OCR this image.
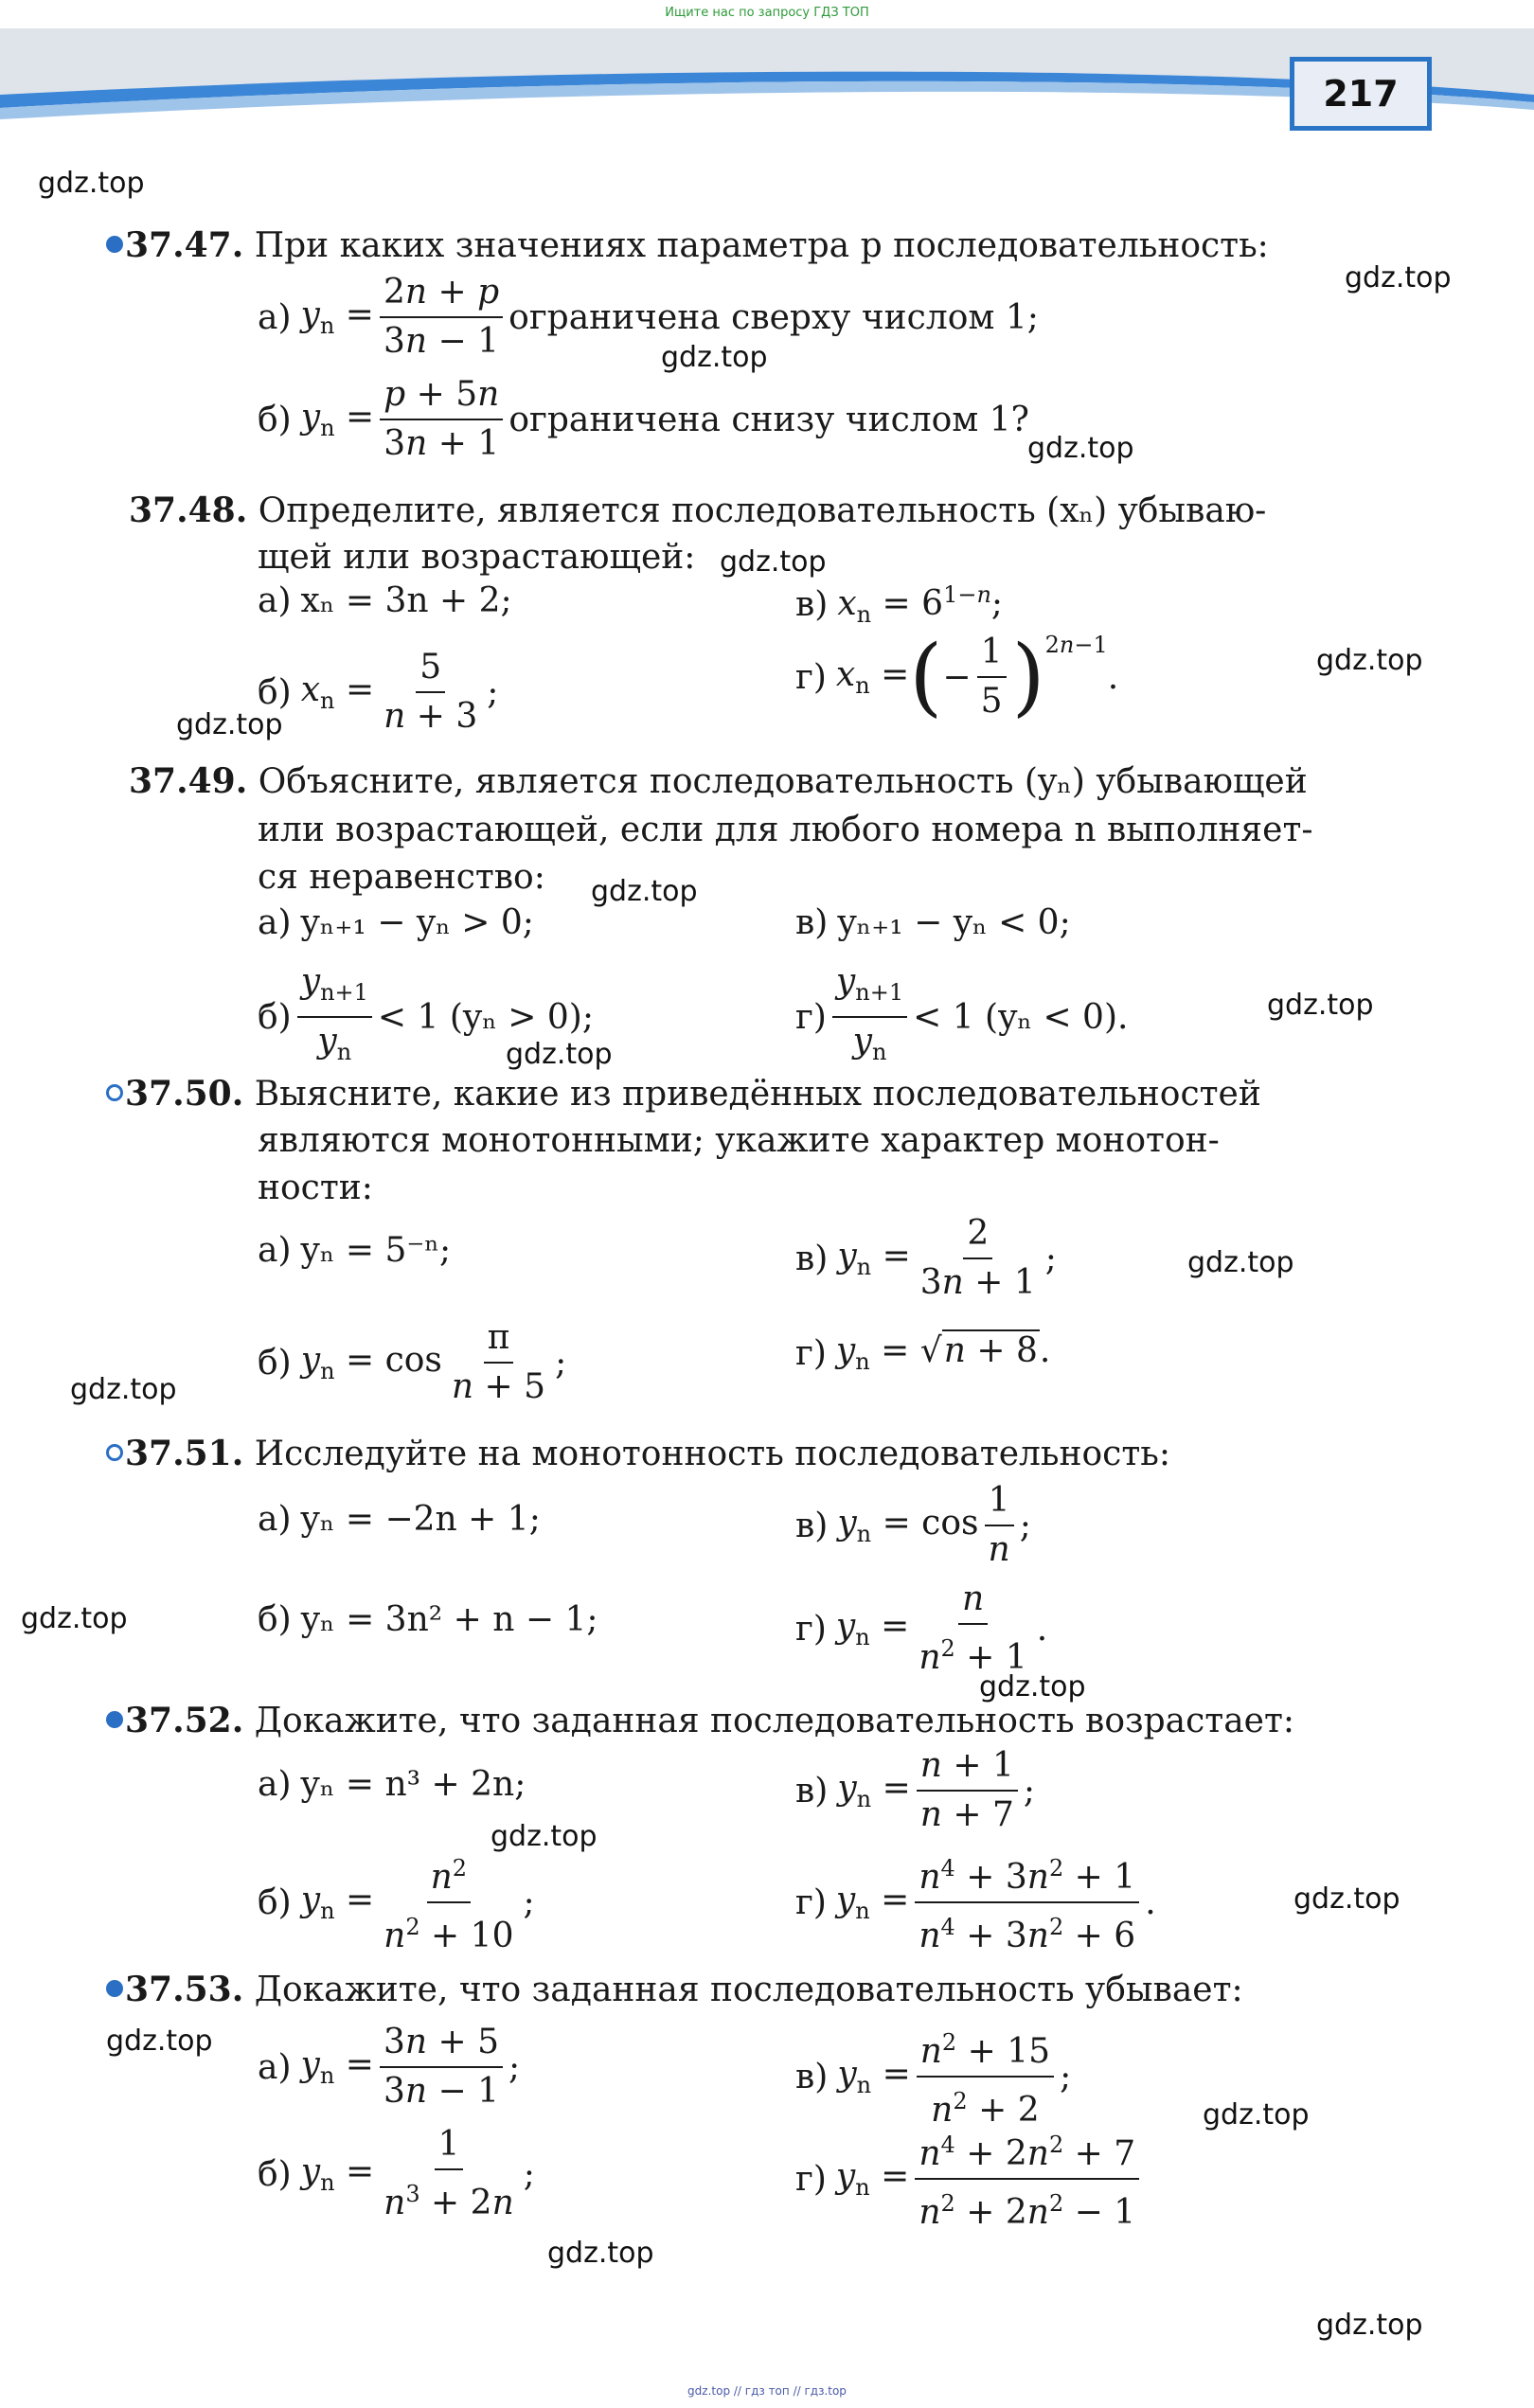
Ищите нас по запросу ГДЗ ТОП
gdz.top // гдз топ // гдз.top
217
gdz.top
gdz.top
gdz.top
gdz.top
gdz.top
gdz.top
gdz.top
gdz.top
gdz.top
gdz.top
gdz.top
gdz.top
gdz.top
gdz.top
gdz.top
gdz.top
gdz.top
gdz.top
gdz.top
gdz.top
37.47. При каких значениях параметра p последовательность:
а) $y_n = \frac{2n + p}{3n - 1}$ ограничена сверху числом 1;
б) $y_n = \frac{p + 5n}{3n + 1}$ ограничена снизу числом 1?
37.48. Определите, является последовательность (xₙ) убываю-
щей или возрастающей:
а) xₙ = 3n + 2;	в) $x_n = 6^{1-n}$;
б) $x_n = \frac{5}{n + 3}$ ;	г) $x_n$ = ( − $\frac{1}{5}$ ) 2n−1
.
37.49. Объясните, является последовательность (yₙ) убывающей
или возрастающей, если для любого номера n выполняет-
ся неравенство:
а) yₙ₊₁ − yₙ > 0;	в) yₙ₊₁ − yₙ < 0;
$б) \frac{y_{n+1}}{y_n} < 1$ (yₙ > 0);	$г) \frac{y_{n+1}}{y_n} < 1$ (yₙ < 0).
37.50. Выясните, какие из приведённых последовательностей
являются монотонными; укажите характер монотон-
ности:
а) yₙ = 5⁻ⁿ;	в) $y_n = \frac{2}{3n + 1}$ ;
б) $y_n = \cos \frac{\pi}{n + 5}$ ;	г) $y_n = √n + 8$.
37.51. Исследуйте на монотонность последовательность:
а) yₙ = −2n + 1;	в) $y_n = \cos \frac{1}{n}$ ;
б) yₙ = 3n² + n − 1;	г) $y_n = \frac{n}{n^2 + 1}$ .
37.52. Докажите, что заданная последовательность возрастает:
а) yₙ = n³ + 2n;	в) $y_n = \frac{n + 1}{n + 7}$ ;
б) $y_n = \frac{n^2}{n^2 + 10}$ ;	г) $y_n = \frac{n^4 + 3n^2 + 1}{n^4 + 3n^2 + 6}$ .
37.53. Докажите, что заданная последовательность убывает:
а) $y_n = \frac{3n + 5}{3n - 1}$ ;	в) $y_n = \frac{n^2 + 15}{n^2 + 2}$ ;
б) $y_n = \frac{1}{n^3 + 2n}$ ;	г) $y_n = \frac{n^4 + 2n^2 + 7}{n^2 + 2n^2 - 1}$
